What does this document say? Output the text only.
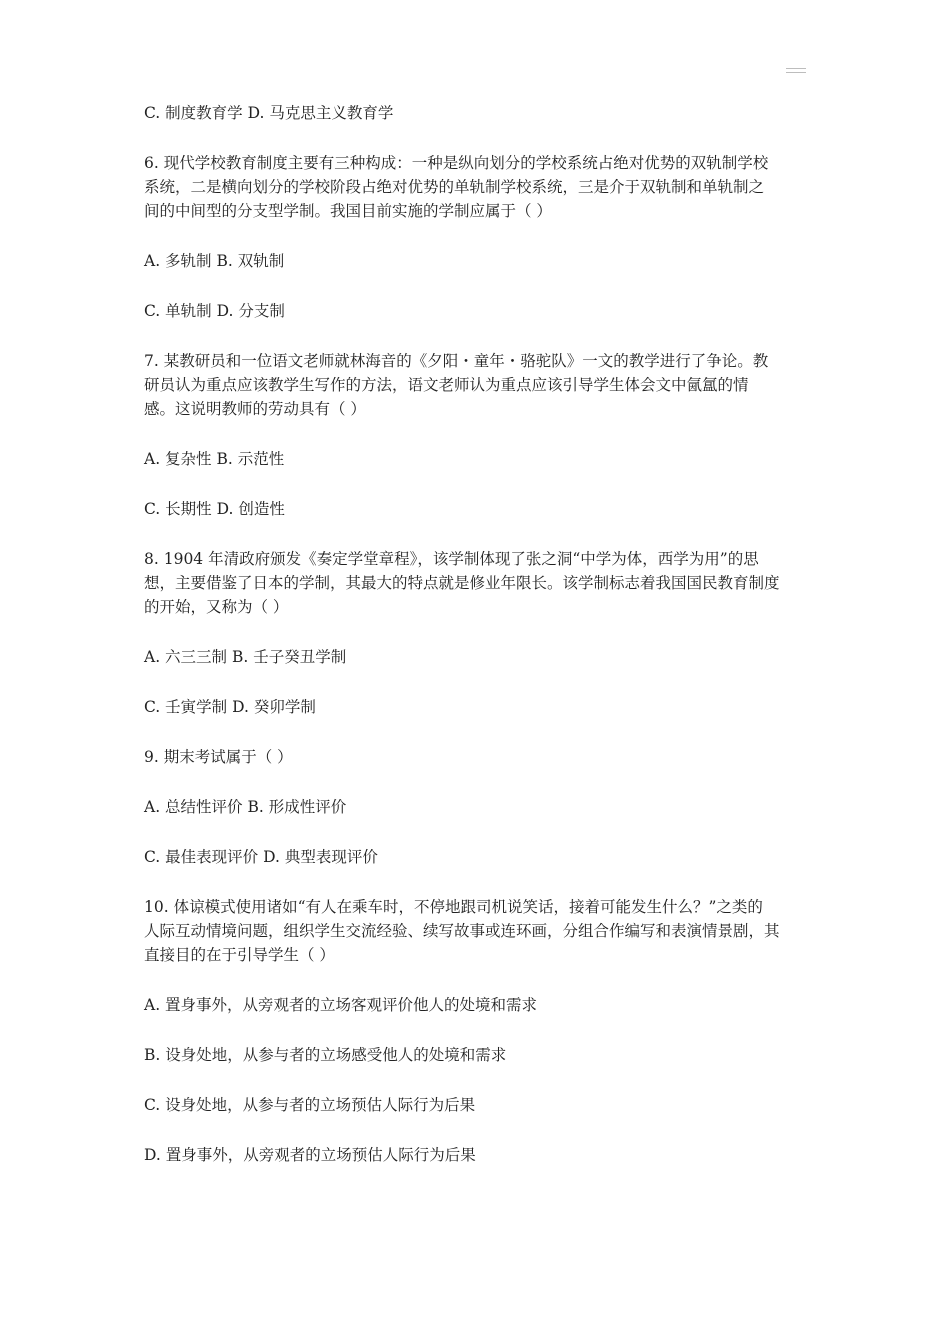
C. 制度教育学 D. 马克思主义教育学

6. 现代学校教育制度主要有三种构成：一种是纵向划分的学校系统占绝对优势的双轨制学校

系统，二是横向划分的学校阶段占绝对优势的单轨制学校系统，三是介于双轨制和单轨制之

间的中间型的分支型学制。我国目前实施的学制应属于（ ）

A. 多轨制 B. 双轨制

C. 单轨制 D. 分支制

7. 某教研员和一位语文老师就林海音的《夕阳・童年・骆驼队》一文的教学进行了争论。教

研员认为重点应该教学生写作的方法，语文老师认为重点应该引导学生体会文中氤氲的情

感。这说明教师的劳动具有（ ）

A. 复杂性 B. 示范性

C. 长期性 D. 创造性

8. 1904 年清政府颁发《奏定学堂章程》，该学制体现了张之洞“中学为体，西学为用”的思

想，主要借鉴了日本的学制，其最大的特点就是修业年限长。该学制标志着我国国民教育制度

的开始，又称为（ ）

A. 六三三制 B. 壬子癸丑学制

C. 壬寅学制 D. 癸卯学制

9. 期末考试属于（ ）

A. 总结性评价 B. 形成性评价

C. 最佳表现评价 D. 典型表现评价

10. 体谅模式使用诸如“有人在乘车时，不停地跟司机说笑话，接着可能发生什么？”之类的

人际互动情境问题，组织学生交流经验、续写故事或连环画，分组合作编写和表演情景剧，其

直接目的在于引导学生（ ）

A. 置身事外，从旁观者的立场客观评价他人的处境和需求

B. 设身处地，从参与者的立场感受他人的处境和需求

C. 设身处地，从参与者的立场预估人际行为后果

D. 置身事外，从旁观者的立场预估人际行为后果
